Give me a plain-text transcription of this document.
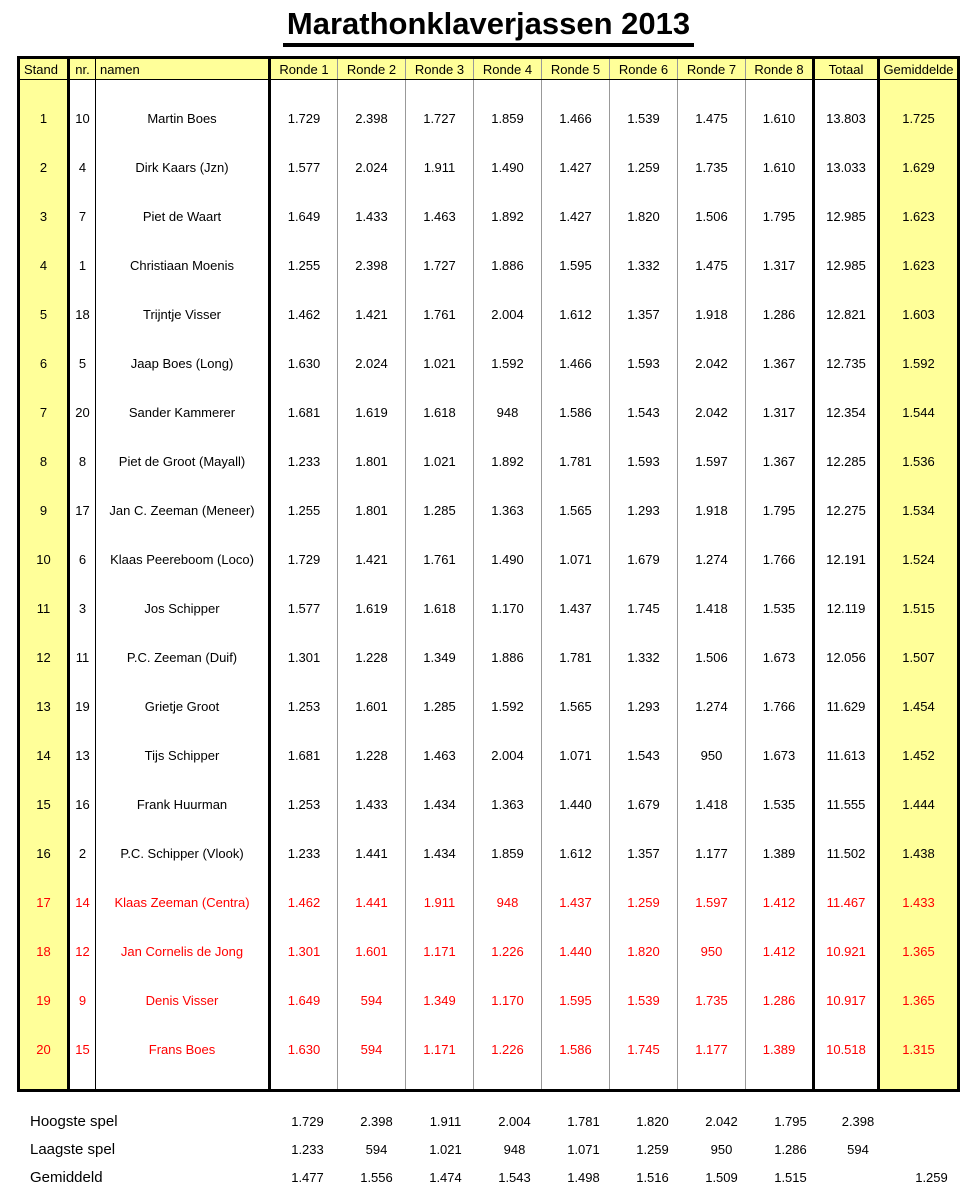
Marathonklaverjassen 2013
Stand	nr.	namen	Ronde 1	Ronde 2	Ronde 3	Ronde 4	Ronde 5	Ronde 6	Ronde 7	Ronde 8	Totaal	Gemiddelde

1	10	Martin Boes	1.729	2.398	1.727	1.859	1.466	1.539	1.475	1.610	13.803	1.725
2	4	Dirk Kaars (Jzn)	1.577	2.024	1.911	1.490	1.427	1.259	1.735	1.610	13.033	1.629
3	7	Piet de Waart	1.649	1.433	1.463	1.892	1.427	1.820	1.506	1.795	12.985	1.623
4	1	Christiaan Moenis	1.255	2.398	1.727	1.886	1.595	1.332	1.475	1.317	12.985	1.623
5	18	Trijntje Visser	1.462	1.421	1.761	2.004	1.612	1.357	1.918	1.286	12.821	1.603
6	5	Jaap Boes (Long)	1.630	2.024	1.021	1.592	1.466	1.593	2.042	1.367	12.735	1.592
7	20	Sander Kammerer	1.681	1.619	1.618	948	1.586	1.543	2.042	1.317	12.354	1.544
8	8	Piet de Groot (Mayall)	1.233	1.801	1.021	1.892	1.781	1.593	1.597	1.367	12.285	1.536
9	17	Jan C. Zeeman (Meneer)	1.255	1.801	1.285	1.363	1.565	1.293	1.918	1.795	12.275	1.534
10	6	Klaas Peereboom (Loco)	1.729	1.421	1.761	1.490	1.071	1.679	1.274	1.766	12.191	1.524
11	3	Jos Schipper	1.577	1.619	1.618	1.170	1.437	1.745	1.418	1.535	12.119	1.515
12	11	P.C. Zeeman (Duif)	1.301	1.228	1.349	1.886	1.781	1.332	1.506	1.673	12.056	1.507
13	19	Grietje Groot	1.253	1.601	1.285	1.592	1.565	1.293	1.274	1.766	11.629	1.454
14	13	Tijs Schipper	1.681	1.228	1.463	2.004	1.071	1.543	950	1.673	11.613	1.452
15	16	Frank Huurman	1.253	1.433	1.434	1.363	1.440	1.679	1.418	1.535	11.555	1.444
16	2	P.C. Schipper (Vlook)	1.233	1.441	1.434	1.859	1.612	1.357	1.177	1.389	11.502	1.438
17	14	Klaas Zeeman (Centra)	1.462	1.441	1.911	948	1.437	1.259	1.597	1.412	11.467	1.433
18	12	Jan Cornelis de Jong	1.301	1.601	1.171	1.226	1.440	1.820	950	1.412	10.921	1.365
19	9	Denis Visser	1.649	594	1.349	1.170	1.595	1.539	1.735	1.286	10.917	1.365
20	15	Frans Boes	1.630	594	1.171	1.226	1.586	1.745	1.177	1.389	10.518	1.315

Hoogste spel	1.729	2.398	1.911	2.004	1.781	1.820	2.042	1.795	2.398	
Laagste spel	1.233	594	1.021	948	1.071	1.259	950	1.286	594	
Gemiddeld	1.477	1.556	1.474	1.543	1.498	1.516	1.509	1.515		1.259
